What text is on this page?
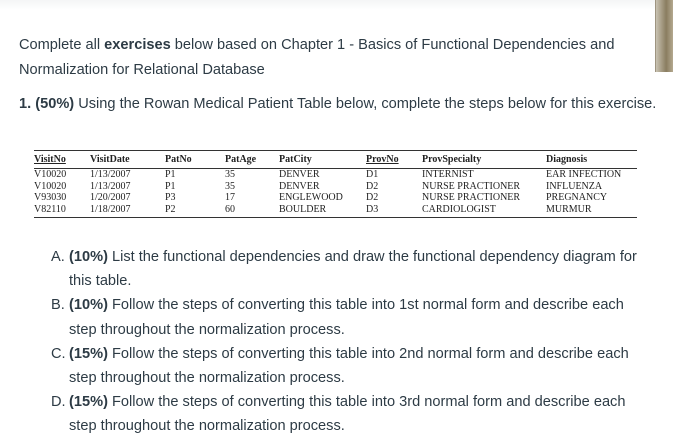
Complete all exercises below based on Chapter 1 - Basics of Functional Dependencies and Normalization for Relational Database
1. (50%) Using the Rowan Medical Patient Table below, complete the steps below for this exercise.
VisitNo	VisitDate	PatNo	PatAge	PatCity	ProvNo	ProvSpecialty	Diagnosis
V10020	1/13/2007	P1	35	DENVER	D1	INTERNIST	EAR INFECTION
V10020	1/13/2007	P1	35	DENVER	D2	NURSE PRACTIONER	INFLUENZA
V93030	1/20/2007	P3	17	ENGLEWOOD	D2	NURSE PRACTIONER	PREGNANCY
V82110	1/18/2007	P2	60	BOULDER	D3	CARDIOLOGIST	MURMUR
A. (10%) List the functional dependencies and draw the functional dependency diagram for this table.
B. (10%) Follow the steps of converting this table into 1st normal form and describe each step throughout the normalization process.
C. (15%) Follow the steps of converting this table into 2nd normal form and describe each step throughout the normalization process.
D. (15%) Follow the steps of converting this table into 3rd normal form and describe each step throughout the normalization process.
